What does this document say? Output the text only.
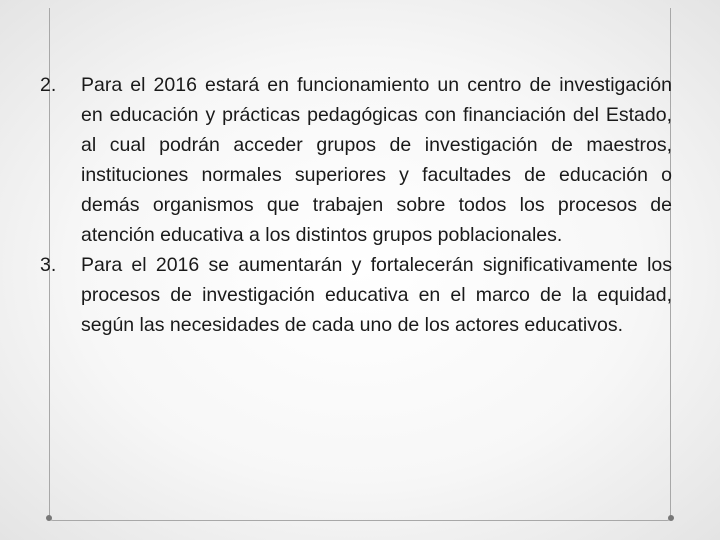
2.	Para el 2016 estará en funcionamiento un centro de investigación en educación y prácticas pedagógicas con financiación del Estado, al cual podrán acceder grupos de investigación de maestros, instituciones normales superiores y facultades de educación o demás organismos que trabajen sobre todos los procesos de atención educativa a los distintos grupos poblacionales.
3.	Para el 2016 se aumentarán y fortalecerán significativamente los procesos de investigación educativa en el marco de la equidad, según las necesidades de cada uno de los actores educativos.
